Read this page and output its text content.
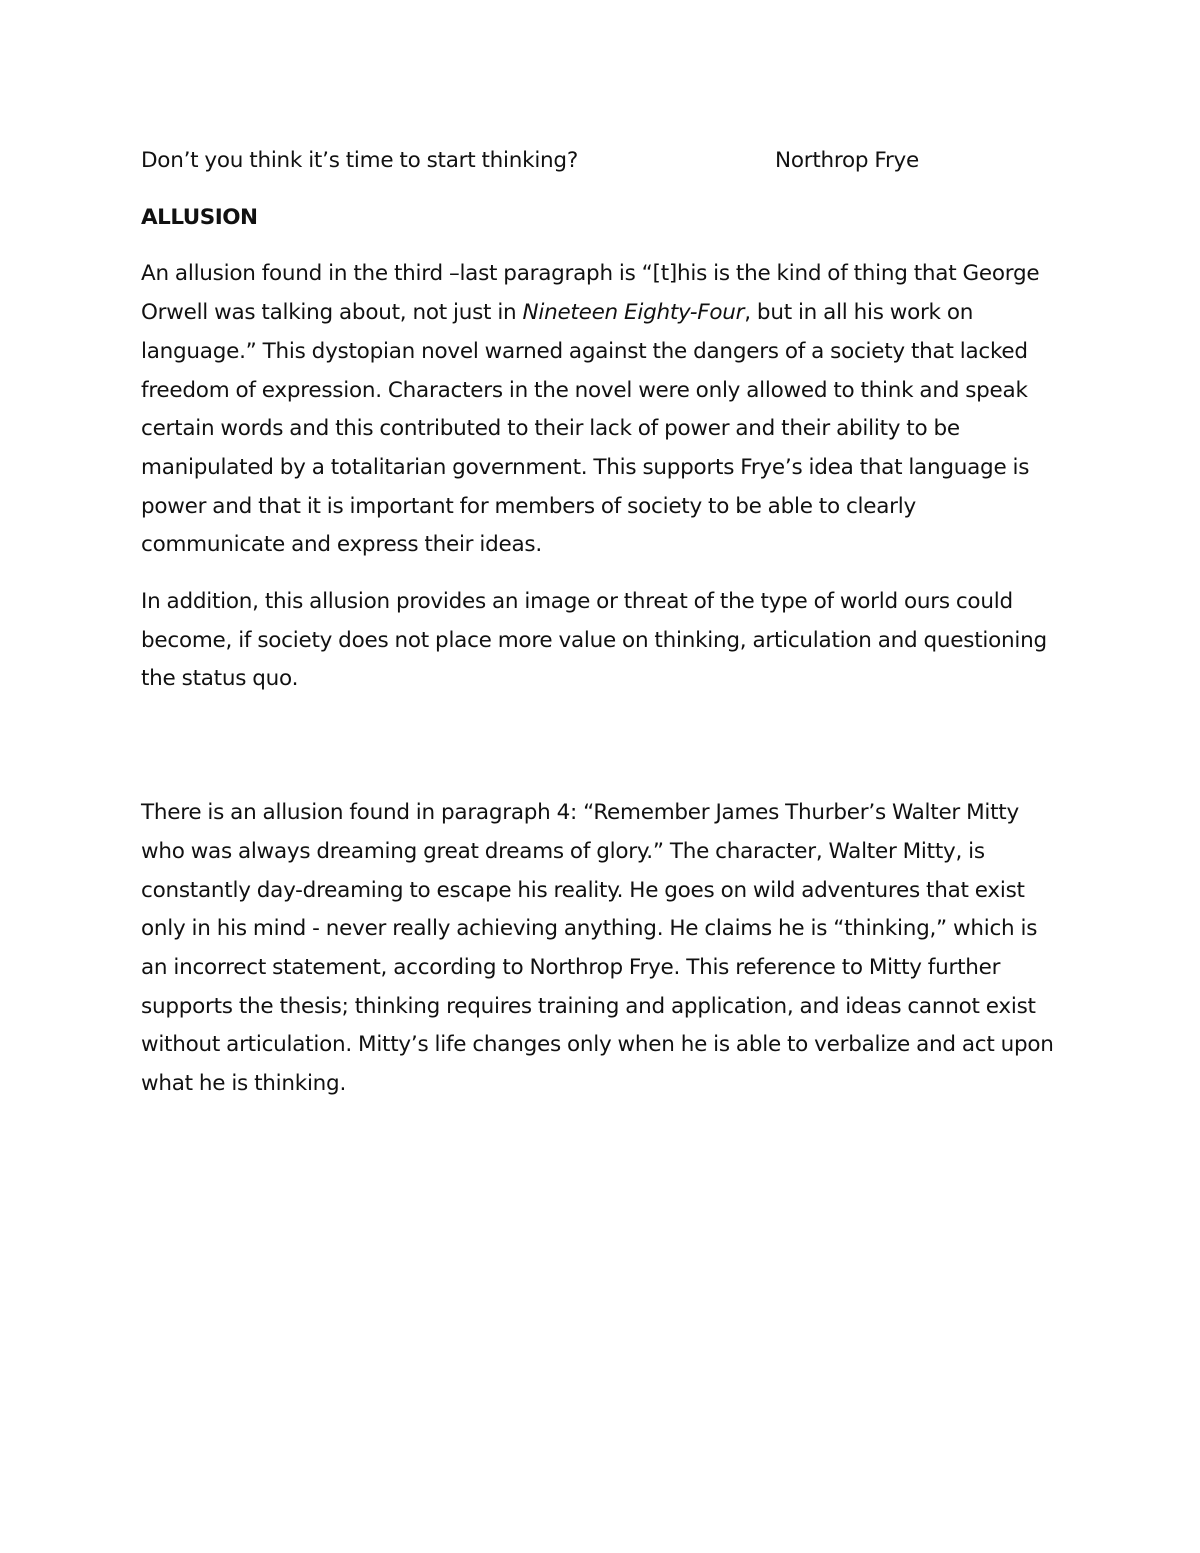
Don’t you think it’s time to start thinking?	Northrop Frye
ALLUSION

An allusion found in the third –last paragraph is “[t]his is the kind of thing that George Orwell was talking about, not just in Nineteen Eighty-Four, but in all his work on language.” This dystopian novel warned against the dangers of a society that lacked freedom of expression. Characters in the novel were only allowed to think and speak certain words and this contributed to their lack of power and their ability to be manipulated by a totalitarian government. This supports Frye’s idea that language is power and that it is important for members of society to be able to clearly communicate and express their ideas.

In addition, this allusion provides an image or threat of the type of world ours could become, if society does not place more value on thinking, articulation and questioning the status quo.

There is an allusion found in paragraph 4: “Remember James Thurber’s Walter Mitty who was always dreaming great dreams of glory.” The character, Walter Mitty, is constantly day-dreaming to escape his reality. He goes on wild adventures that exist only in his mind - never really achieving anything. He claims he is “thinking,” which is an incorrect statement, according to Northrop Frye. This reference to Mitty further supports the thesis; thinking requires training and application, and ideas cannot exist without articulation. Mitty’s life changes only when he is able to verbalize and act upon what he is thinking.
